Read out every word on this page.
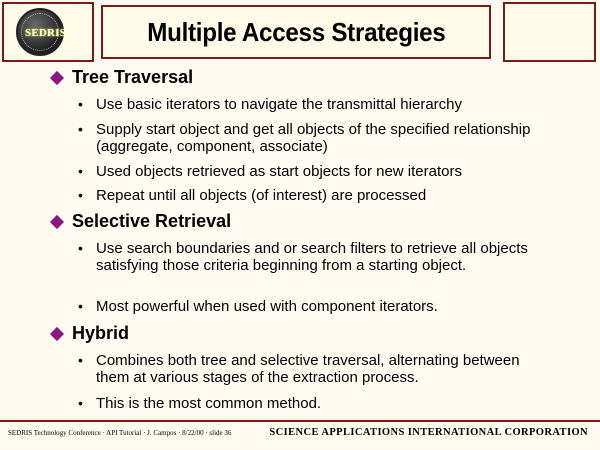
SEDRIS	Multiple Access Strategies
Tree Traversal
• Use basic iterators to navigate the transmittal hierarchy
• Supply start object and get all objects of the specified relationship (aggregate, component, associate)
• Used objects retrieved as start objects for new iterators
• Repeat until all objects (of interest) are processed
Selective Retrieval
• Use search boundaries and or search filters to retrieve all objects satisfying those criteria beginning from a starting object.
• Most powerful when used with component iterators.
Hybrid
• Combines both tree and selective traversal, alternating between them at various stages of the extraction process.
• This is the most common method.
SEDRIS Technology Conference · API Tutorial · J. Campos · 8/22/00 · slide 36	SCIENCE APPLICATIONS INTERNATIONAL CORPORATION
